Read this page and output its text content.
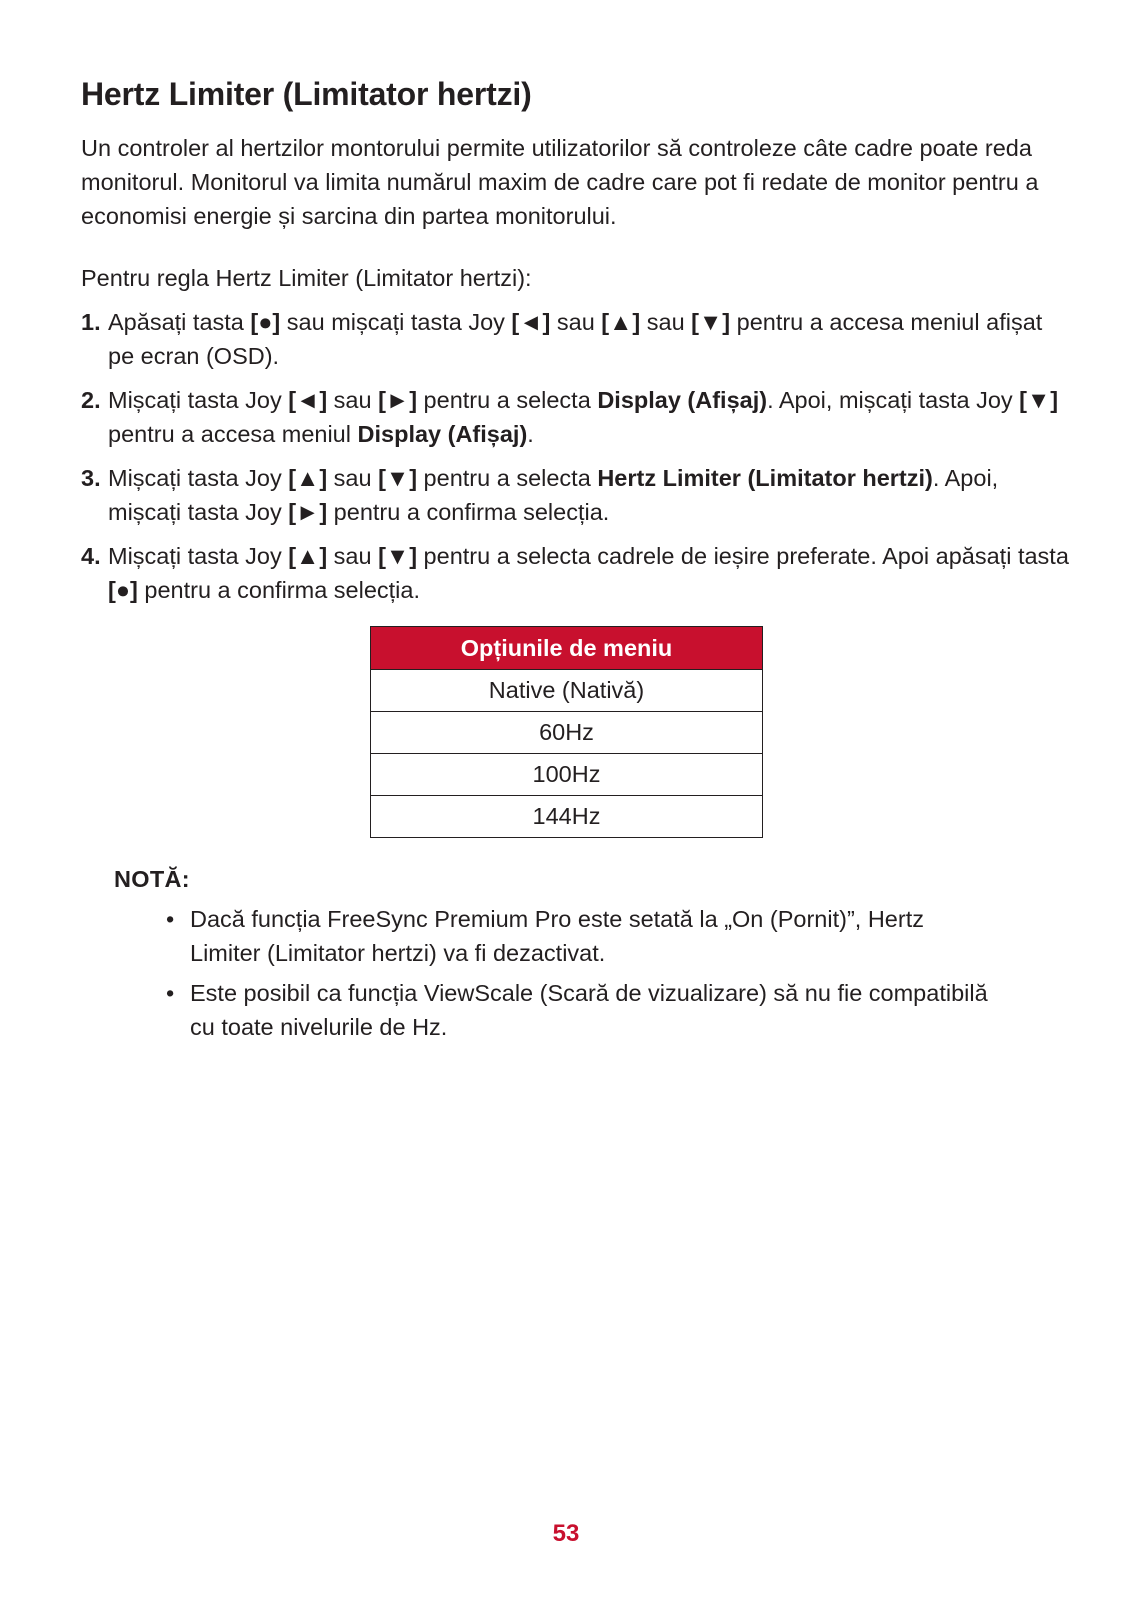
Hertz Limiter (Limitator hertzi)

Un controler al hertzilor montorului permite utilizatorilor să controleze câte cadre poate reda monitorul. Monitorul va limita numărul maxim de cadre care pot fi redate de monitor pentru a economisi energie și sarcina din partea monitorului.

Pentru regla Hertz Limiter (Limitator hertzi):

1. Apăsați tasta [●] sau mișcați tasta Joy [◄] sau [▲] sau [▼] pentru a accesa meniul afișat pe ecran (OSD).
2. Mișcați tasta Joy [◄] sau [►] pentru a selecta Display (Afișaj). Apoi, mișcați tasta Joy [▼] pentru a accesa meniul Display (Afișaj).
3. Mișcați tasta Joy [▲] sau [▼] pentru a selecta Hertz Limiter (Limitator hertzi). Apoi, mișcați tasta Joy [►] pentru a confirma selecția.
4. Mișcați tasta Joy [▲] sau [▼] pentru a selecta cadrele de ieșire preferate. Apoi apăsați tasta [●] pentru a confirma selecția.
Opțiunile de meniu
Native (Nativă)
60Hz
100Hz
144Hz

NOTĂ:

• Dacă funcția FreeSync Premium Pro este setată la „On (Pornit)”, Hertz Limiter (Limitator hertzi) va fi dezactivat.
• Este posibil ca funcția ViewScale (Scară de vizualizare) să nu fie compatibilă cu toate nivelurile de Hz.
53
